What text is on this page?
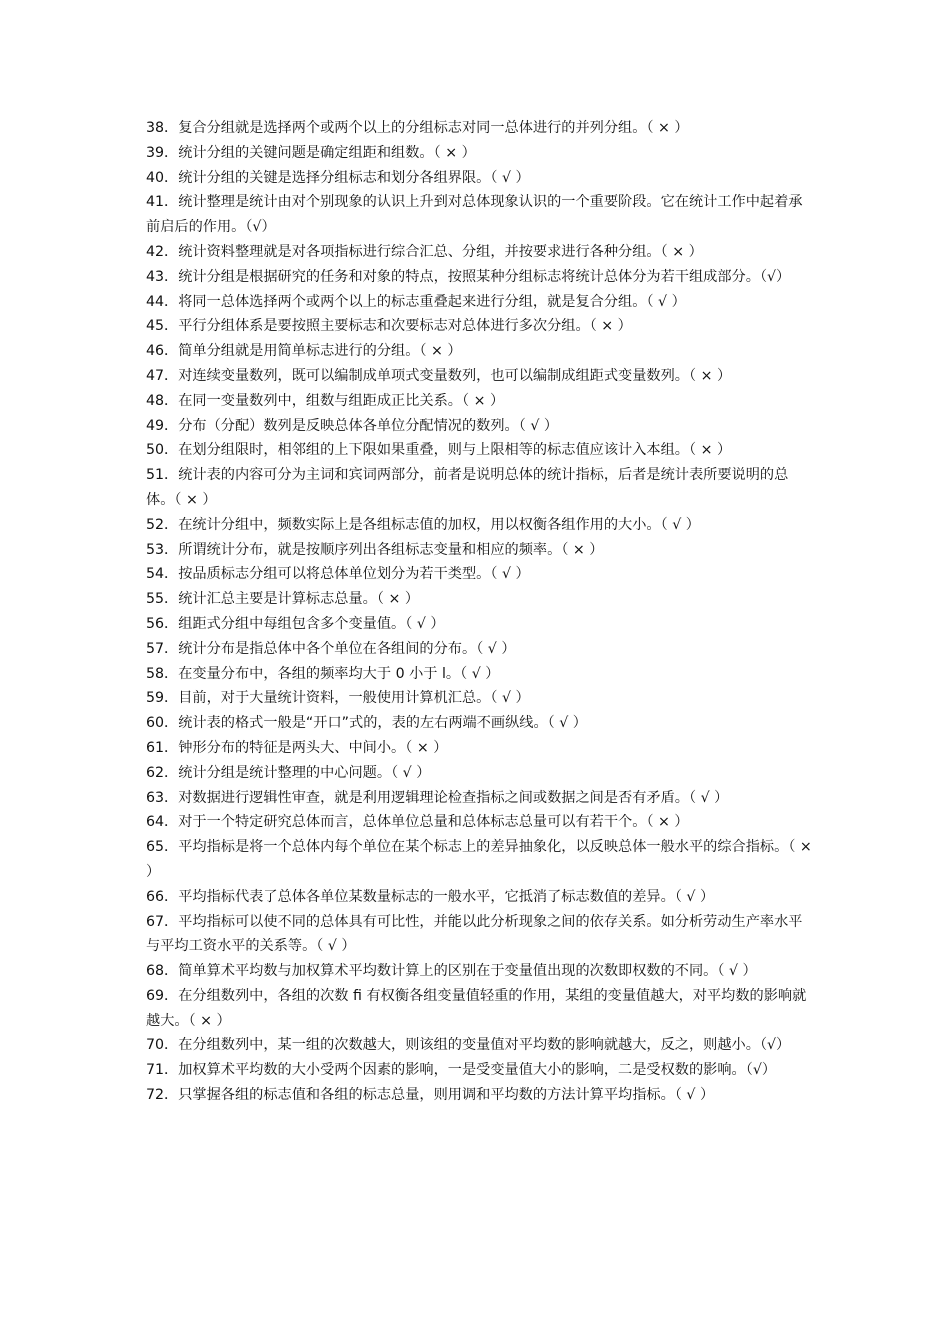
38．复合分组就是选择两个或两个以上的分组标志对同一总体进行的并列分组。（ × ）

39．统计分组的关键问题是确定组距和组数。（ × ）

40．统计分组的关键是选择分组标志和划分各组界限。（ √ ）

41．统计整理是统计由对个别现象的认识上升到对总体现象认识的一个重要阶段。它在统计工作中起着承前启后的作用。（√）

42．统计资料整理就是对各项指标进行综合汇总、分组，并按要求进行各种分组。（ × ）

43．统计分组是根据研究的任务和对象的特点，按照某种分组标志将统计总体分为若干组成部分。（√）

44．将同一总体选择两个或两个以上的标志重叠起来进行分组，就是复合分组。（ √ ）

45．平行分组体系是要按照主要标志和次要标志对总体进行多次分组。（ × ）

46．简单分组就是用简单标志进行的分组。（ × ）

47．对连续变量数列，既可以编制成单项式变量数列，也可以编制成组距式变量数列。（ × ）

48．在同一变量数列中，组数与组距成正比关系。（ × ）

49．分布（分配）数列是反映总体各单位分配情况的数列。（ √ ）

50．在划分组限时，相邻组的上下限如果重叠，则与上限相等的标志值应该计入本组。（ × ）

51．统计表的内容可分为主词和宾词两部分，前者是说明总体的统计指标，后者是统计表所要说明的总体。（ × ）

52．在统计分组中，频数实际上是各组标志值的加权，用以权衡各组作用的大小。（ √ ）

53．所谓统计分布，就是按顺序列出各组标志变量和相应的频率。（ × ）

54．按品质标志分组可以将总体单位划分为若干类型。（ √ ）

55．统计汇总主要是计算标志总量。（ × ）

56．组距式分组中每组包含多个变量值。（ √ ）

57．统计分布是指总体中各个单位在各组间的分布。（ √ ）

58．在变量分布中，各组的频率均大于 0 小于 l。（ √ ）

59．目前，对于大量统计资料，一般使用计算机汇总。（ √ ）

60．统计表的格式一般是“开口”式的，表的左右两端不画纵线。（ √ ）

61．钟形分布的特征是两头大、中间小。（ × ）

62．统计分组是统计整理的中心问题。（ √ ）

63．对数据进行逻辑性审查，就是利用逻辑理论检查指标之间或数据之间是否有矛盾。（ √ ）

64．对于一个特定研究总体而言，总体单位总量和总体标志总量可以有若干个。（ × ）

65．平均指标是将一个总体内每个单位在某个标志上的差异抽象化，以反映总体一般水平的综合指标。（ × ）

66．平均指标代表了总体各单位某数量标志的一般水平，它抵消了标志数值的差异。（ √ ）

67．平均指标可以使不同的总体具有可比性，并能以此分析现象之间的依存关系。如分析劳动生产率水平与平均工资水平的关系等。（ √ ）

68．简单算术平均数与加权算术平均数计算上的区别在于变量值出现的次数即权数的不同。（ √ ）

69．在分组数列中，各组的次数 fi 有权衡各组变量值轻重的作用，某组的变量值越大，对平均数的影响就越大。（ × ）

70．在分组数列中，某一组的次数越大，则该组的变量值对平均数的影响就越大，反之，则越小。（√）

71．加权算术平均数的大小受两个因素的影响，一是受变量值大小的影响，二是受权数的影响。（√）

72．只掌握各组的标志值和各组的标志总量，则用调和平均数的方法计算平均指标。（ √ ）
